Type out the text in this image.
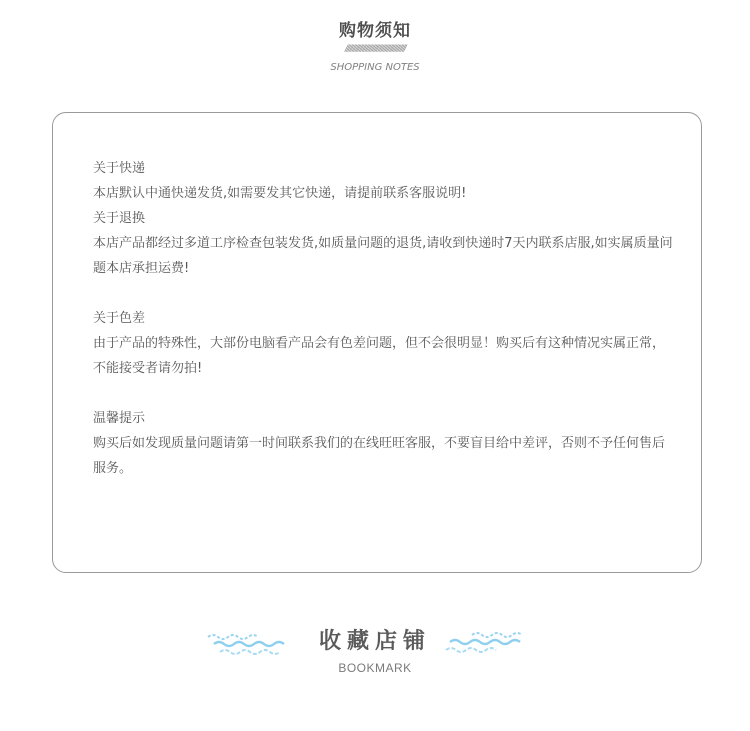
购物须知
//////////////////////////////////////////
SHOPPING NOTES
关于快递
本店默认中通快递发货,如需要发其它快递，请提前联系客服说明!
关于退换
本店产品都经过多道工序检查包装发货,如质量问题的退货,请收到快递时7天内联系店服,如实属质量问题本店承担运费!
关于色差
由于产品的特殊性，大部份电脑看产品会有色差问题，但不会很明显！购买后有这种情况实属正常，不能接受者请勿拍!
温馨提示
购买后如发现质量问题请第一时间联系我们的在线旺旺客服，不要盲目给中差评，否则不予任何售后服务。
收藏店铺
BOOKMARK
